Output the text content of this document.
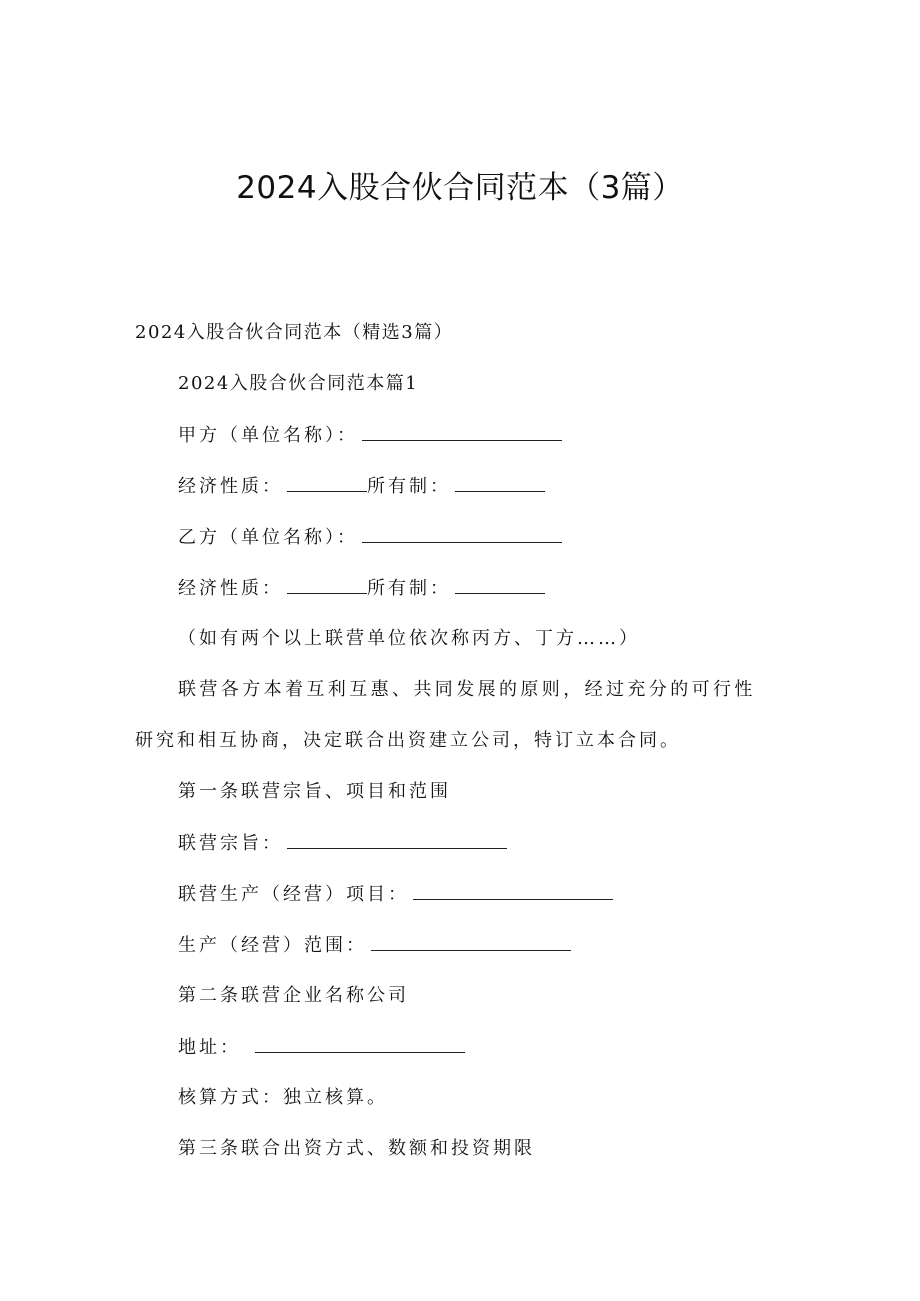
2024入股合伙合同范本（3篇）
2024入股合伙合同范本（精选3篇）
2024入股合伙合同范本篇1
甲方（单位名称）：
经济性质：	所有制：
乙方（单位名称）：
经济性质：	所有制：
（如有两个以上联营单位依次称丙方、丁方……）
联营各方本着互利互惠、共同发展的原则，经过充分的可行性
研究和相互协商，决定联合出资建立公司，特订立本合同。
第一条联营宗旨、项目和范围
联营宗旨：
联营生产（经营）项目：
生产（经营）范围：
第二条联营企业名称公司
地址：
核算方式：独立核算。
第三条联合出资方式、数额和投资期限
